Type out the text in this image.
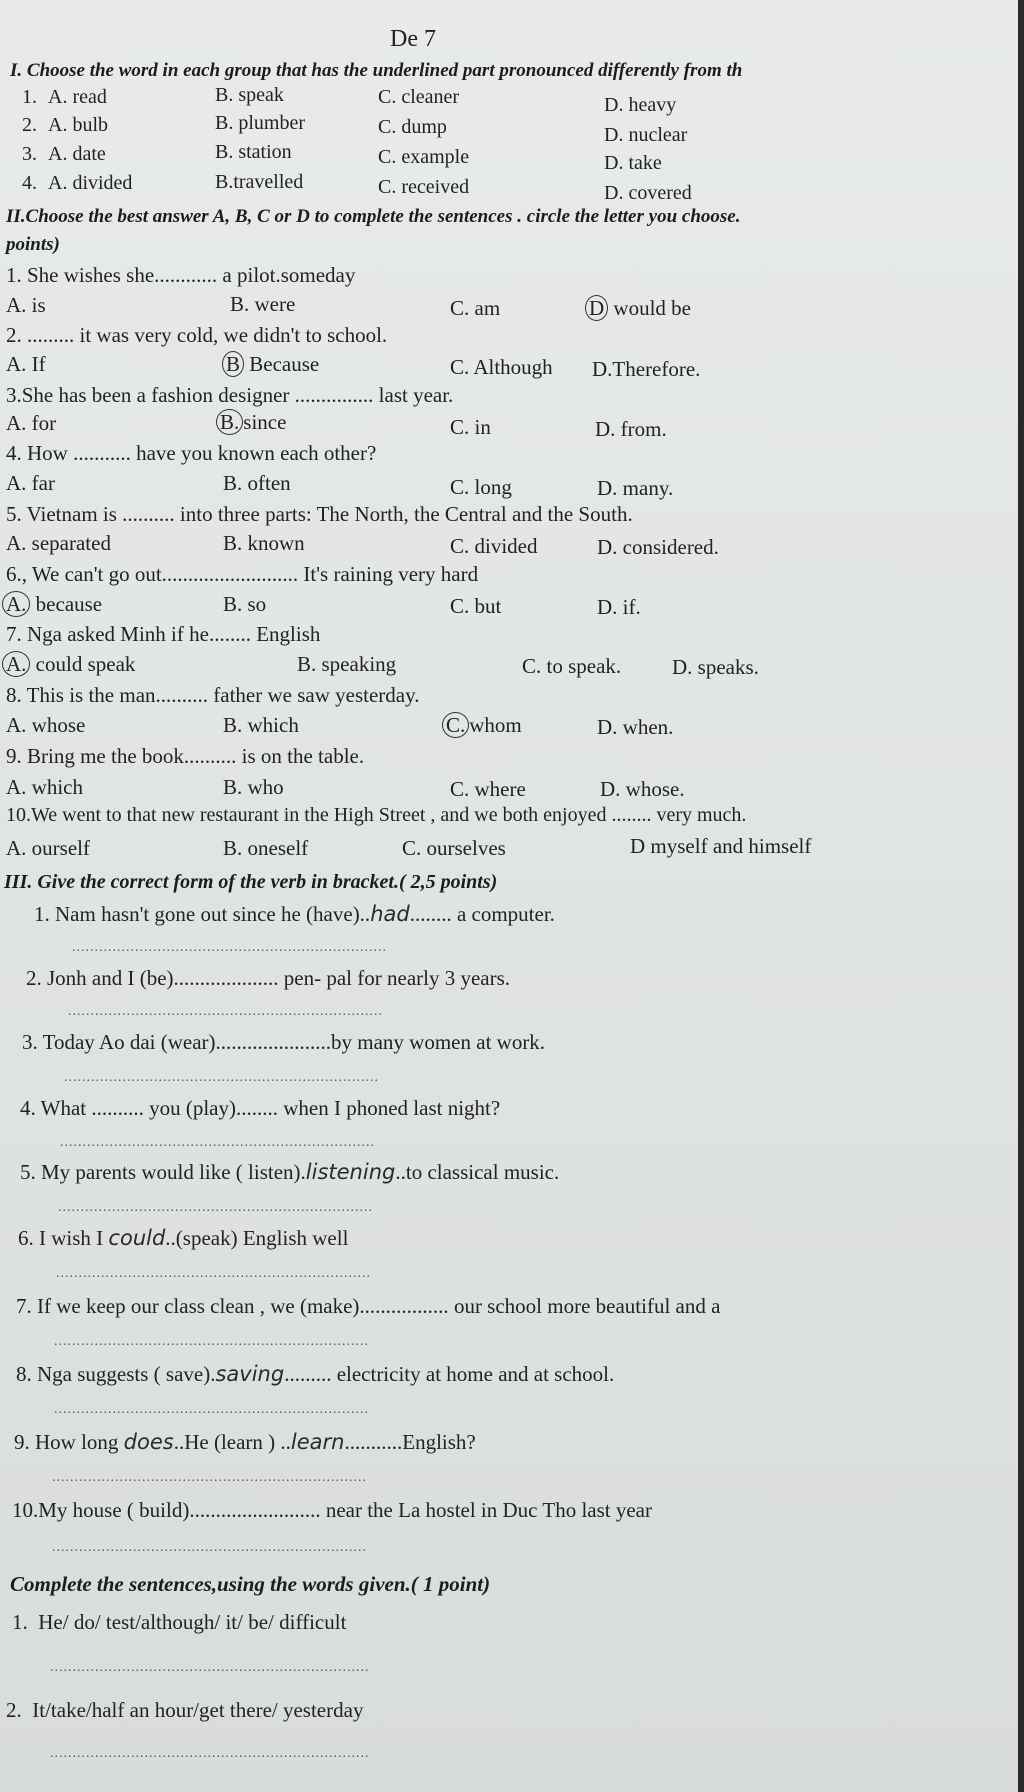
De 7
I. Choose the word in each group that has the underlined part pronounced differently from th
1. A. read	B. speak	C. cleaner	D. heavy
2. A. bulb	B. plumber	C. dump	D. nuclear
3. A. date	B. station	C. example	D. take
4. A. divided	B.travelled	C. received	D. covered
II.Choose the best answer A, B, C or D to complete the sentences . circle the letter you choose.
points)
1. She wishes she............ a pilot.someday
A. is	B. were	C. am	D would be
2. ......... it was very cold, we didn't to school.
A. If	B Because	C. Although D.Therefore.
3.She has been a fashion designer ............... last year.
A. for	B. since	C. in	D. from.
4. How ........... have you known each other?
A. far	B. often	C. long	D. many.
5. Vietnam is .......... into three parts: The North, the Central and the South.
A. separated	B. known	C. divided	D. considered.
6., We can't go out.......................... It's raining very hard
A. because	B. so	C. but	D. if.
7. Nga asked Minh if he........ English
A. could speak	B. speaking	C. to speak. D. speaks.
8. This is the man.......... father we saw yesterday.
A. whose	B. which	C. whom	D. when.
9. Bring me the book.......... is on the table.
A. which	B. who	C. where	D. whose.
10.We went to that new restaurant in the High Street , and we both enjoyed ........ very much.
A. ourself	B. oneself	C. ourselves	D myself and himself
III. Give the correct form of the verb in bracket.( 2,5 points)
1. Nam hasn't gone out since he (have)..had........ a computer.
......................................................................
2. Jonh and I (be).................... pen- pal for nearly 3 years.
......................................................................
3. Today Ao dai (wear)......................by many women at work.
......................................................................
4. What .......... you (play)........ when I phoned last night?
......................................................................
5. My parents would like ( listen).listening..to classical music.
......................................................................
6. I wish I could..(speak) English well
......................................................................
7. If we keep our class clean , we (make)................. our school more beautiful and a
......................................................................
8. Nga suggests ( save).saving......... electricity at home and at school.
......................................................................
9. How long does..He (learn ) ..learn...........English?
......................................................................
10.My house ( build)......................... near the La hostel in Duc Tho last year
......................................................................
Complete the sentences,using the words given.( 1 point)
1. He/ do/ test/although/ it/ be/ difficult
.......................................................................
2. It/take/half an hour/get there/ yesterday
.......................................................................
